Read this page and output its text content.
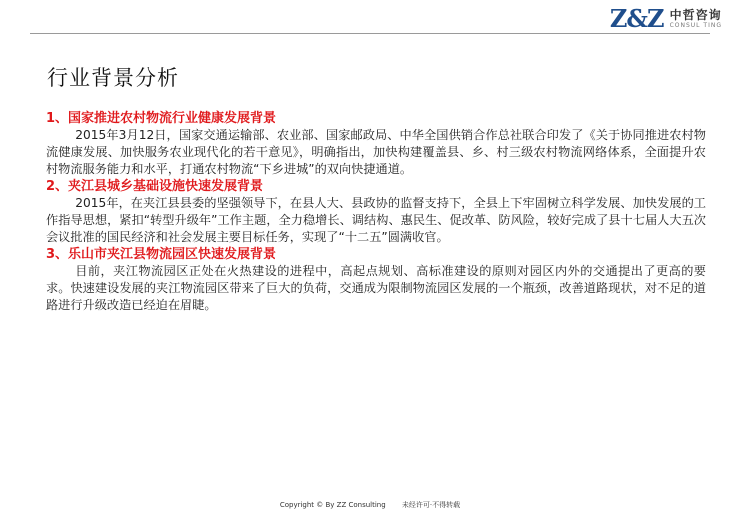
Z&Z 中哲咨询
CONSUL TING
行业背景分析

1、国家推进农村物流行业健康发展背景

2015年3月12日，国家交通运输部、农业部、国家邮政局、中华全国供销合作总社联合印发了《关于协同推进农村物流健康发展、加快服务农业现代化的若干意见》，明确指出，加快构建覆盖县、乡、村三级农村物流网络体系，全面提升农村物流服务能力和水平，打通农村物流“下乡进城”的双向快捷通道。

2、夹江县城乡基础设施快速发展背景

2015年，在夹江县县委的坚强领导下，在县人大、县政协的监督支持下，全县上下牢固树立科学发展、加快发展的工作指导思想，紧扣“转型升级年”工作主题，全力稳增长、调结构、惠民生、促改革、防风险，较好完成了县十七届人大五次会议批准的国民经济和社会发展主要目标任务，实现了“十二五”圆满收官。

3、乐山市夹江县物流园区快速发展背景

目前，夹江物流园区正处在火热建设的进程中，高起点规划、高标准建设的原则对园区内外的交通提出了更高的要求。快速建设发展的夹江物流园区带来了巨大的负荷，交通成为限制物流园区发展的一个瓶颈，改善道路现状，对不足的道路进行升级改造已经迫在眉睫。

Copyright © By ZZ Consulting 未经许可·不得转载
